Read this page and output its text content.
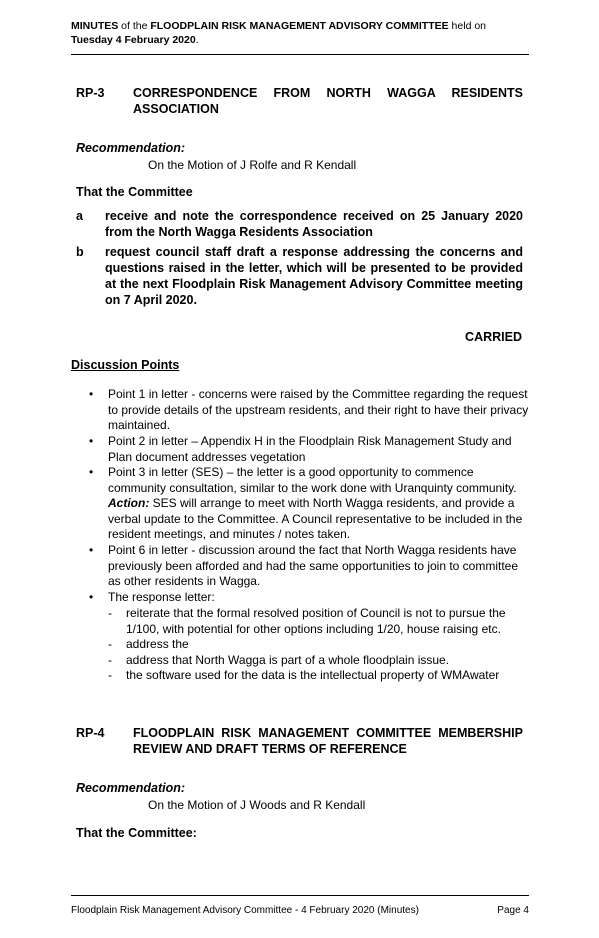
MINUTES of the FLOODPLAIN RISK MANAGEMENT ADVISORY COMMITTEE held on Tuesday 4 February 2020.
RP-3 CORRESPONDENCE FROM NORTH WAGGA RESIDENTS
ASSOCIATION
Recommendation:
On the Motion of J Rolfe and R Kendall
That the Committee
a receive and note the correspondence received on 25 January 2020 from the North Wagga Residents Association
b request council staff draft a response addressing the concerns and questions raised in the letter, which will be presented to be provided at the next Floodplain Risk Management Advisory Committee meeting on 7 April 2020.
CARRIED
Discussion Points
• Point 1 in letter - concerns were raised by the Committee regarding the request to provide details of the upstream residents, and their right to have their privacy maintained.
• Point 2 in letter – Appendix H in the Floodplain Risk Management Study and Plan document addresses vegetation
• Point 3 in letter (SES) – the letter is a good opportunity to commence community consultation, similar to the work done with Uranquinty community. Action: SES will arrange to meet with North Wagga residents, and provide a verbal update to the Committee. A Council representative to be included in the resident meetings, and minutes / notes taken.
• Point 6 in letter - discussion around the fact that North Wagga residents have previously been afforded and had the same opportunities to join to committee as other residents in Wagga.
• The response letter:
- reiterate that the formal resolved position of Council is not to pursue the 1/100, with potential for other options including 1/20, house raising etc.
- address the
- address that North Wagga is part of a whole floodplain issue.
- the software used for the data is the intellectual property of WMAwater
RP-4 FLOODPLAIN RISK MANAGEMENT COMMITTEE MEMBERSHIP
REVIEW AND DRAFT TERMS OF REFERENCE
Recommendation:
On the Motion of J Woods and R Kendall
That the Committee:
Floodplain Risk Management Advisory Committee - 4 February 2020 (Minutes)	Page 4
